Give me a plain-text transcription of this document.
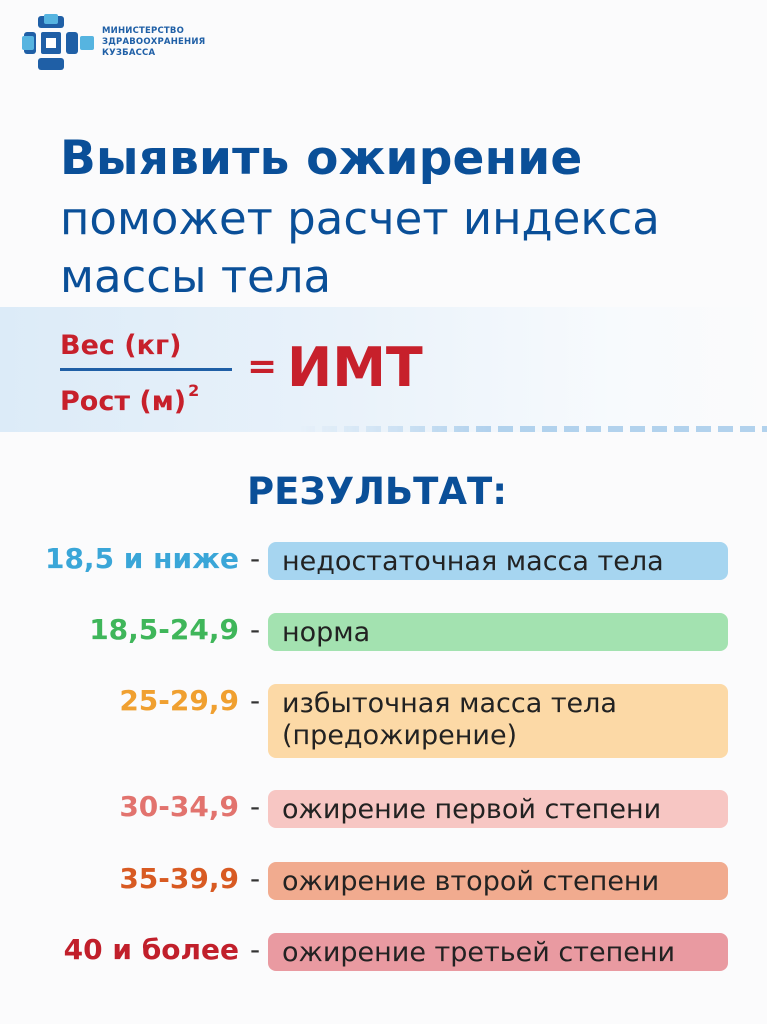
МИНИСТЕРСТВО
ЗДРАВООХРАНЕНИЯ
КУЗБАССА
Выявить ожирение
поможет расчет индекса
массы тела
Вес (кг)
Рост (м) $^2$
= ИМТ
РЕЗУЛЬТАТ:
18,5 и ниже - недостаточная масса тела
18,5-24,9 - норма
25-29,9 - избыточная масса тела
(предожирение)
30-34,9 - ожирение первой степени
35-39,9 - ожирение второй степени
40 и более - ожирение третьей степени
